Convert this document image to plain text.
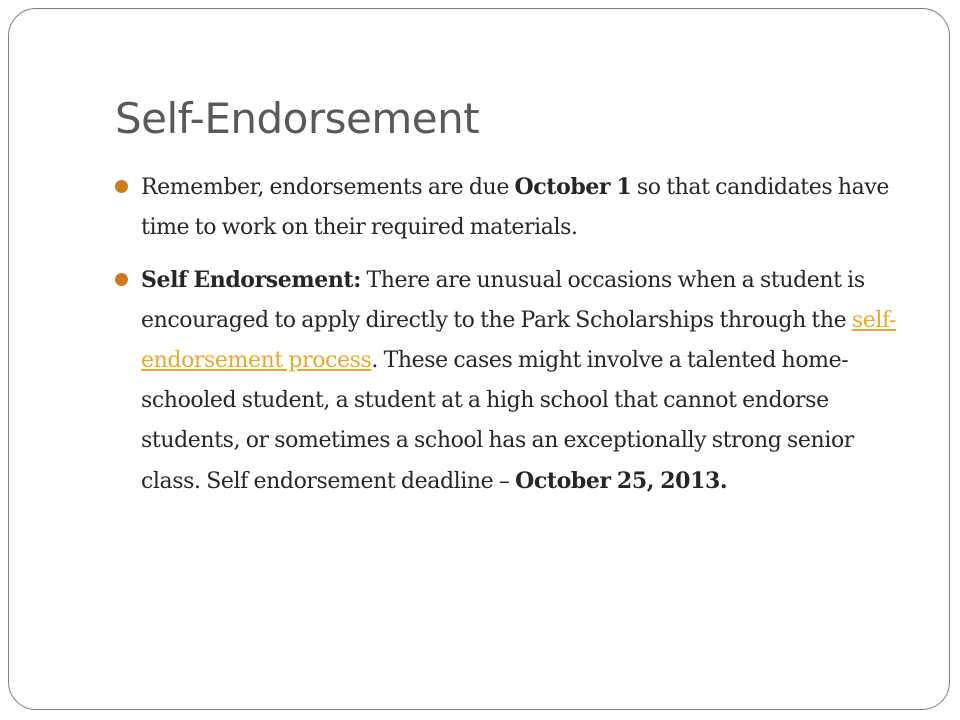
Self-Endorsement
Remember, endorsements are due October 1 so that candidates have time to work on their required materials.
Self Endorsement: There are unusual occasions when a student is encouraged to apply directly to the Park Scholarships through the self-endorsement process. These cases might involve a talented home-schooled student, a student at a high school that cannot endorse students, or sometimes a school has an exceptionally strong senior class. Self endorsement deadline – October 25, 2013.
